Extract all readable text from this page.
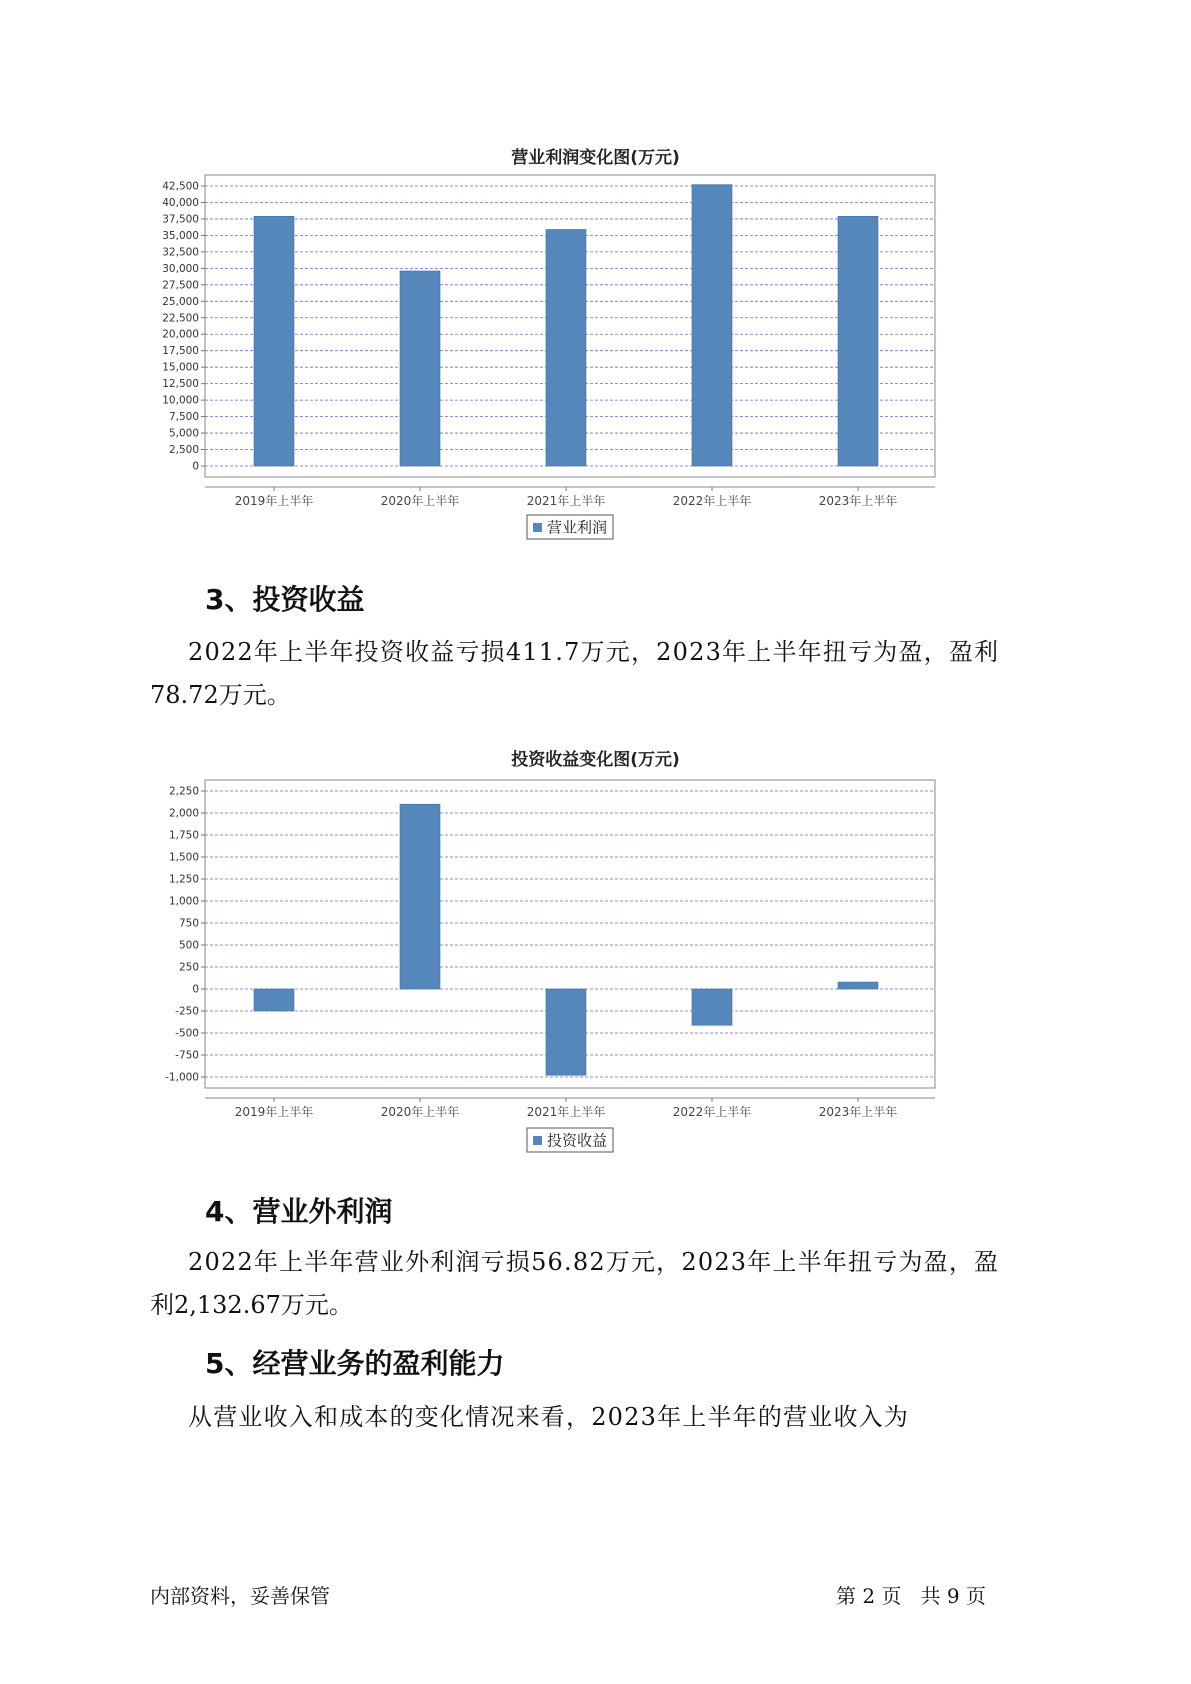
营业利润变化图(万元)
0
2,500
5,000
7,500
10,000
12,500
15,000
17,500
20,000
22,500
25,000
27,500
30,000
32,500
35,000
37,500
40,000
42,500
2019年上半年	2020年上半年	2021年上半年	2022年上半年	2023年上半年
营业利润
3、投资收益

2022年上半年投资收益亏损411.7万元，2023年上半年扭亏为盈，盈利

78.72万元。

投资收益变化图(万元)
-1,000
-750
-500
-250
0
250
500
750
1,000
1,250
1,500
1,750
2,000
2,250
2019年上半年	2020年上半年	2021年上半年	2022年上半年	2023年上半年
投资收益
4、营业外利润

2022年上半年营业外利润亏损56.82万元，2023年上半年扭亏为盈，盈

利2,132.67万元。

5、经营业务的盈利能力

从营业收入和成本的变化情况来看，2023年上半年的营业收入为

内部资料，妥善保管	第 2 页   共 9 页
